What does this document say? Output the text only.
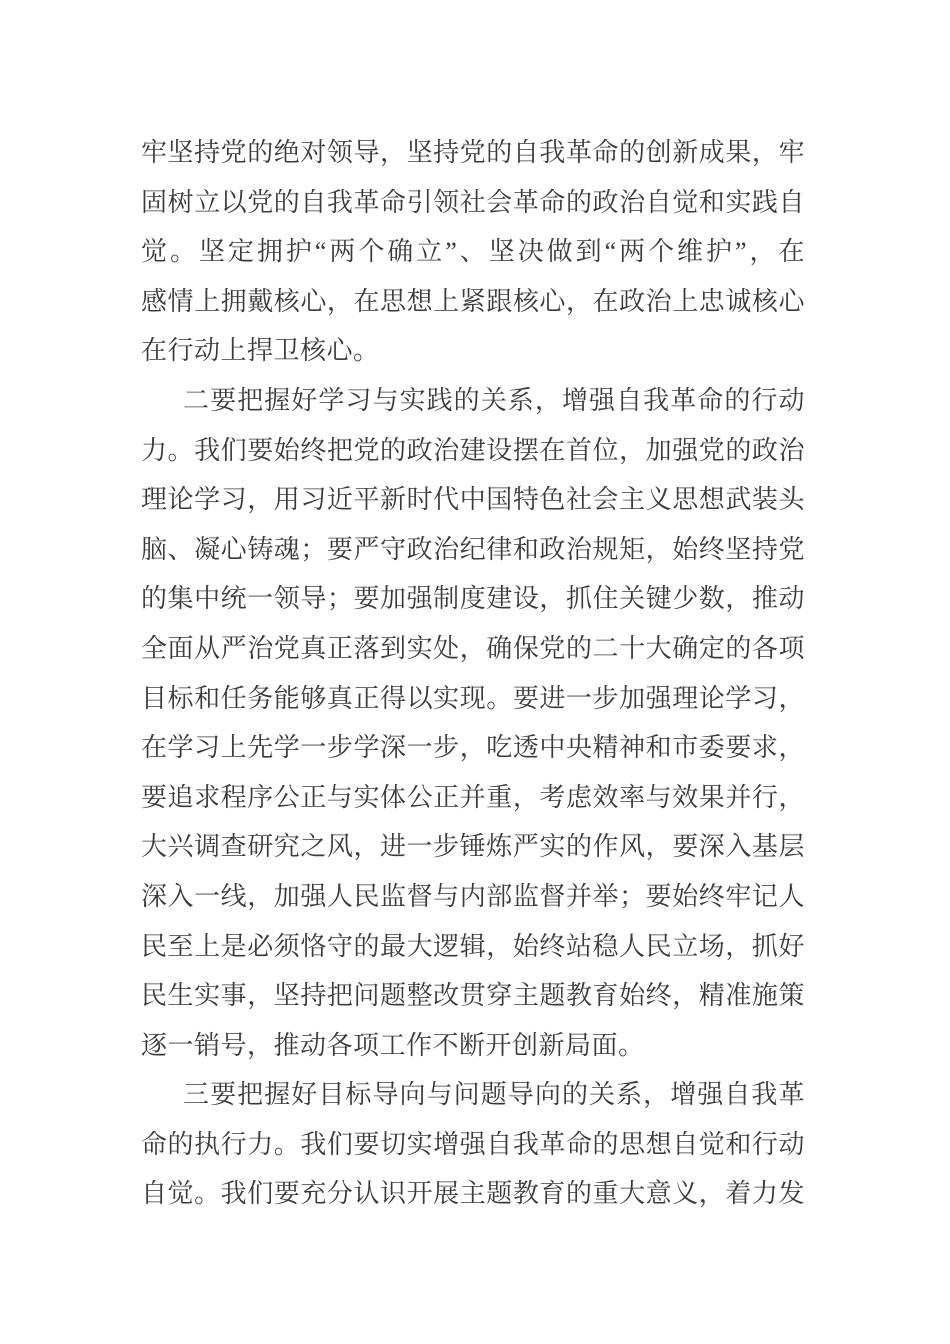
牢坚持党的绝对领导，坚持党的自我革命的创新成果，牢
固树立以党的自我革命引领社会革命的政治自觉和实践自
觉。坚定拥护“两个确立”、坚决做到“两个维护”，在
感情上拥戴核心，在思想上紧跟核心，在政治上忠诚核心
在行动上捍卫核心。
二要把握好学习与实践的关系，增强自我革命的行动
力。我们要始终把党的政治建设摆在首位，加强党的政治
理论学习，用习近平新时代中国特色社会主义思想武装头
脑、凝心铸魂；要严守政治纪律和政治规矩，始终坚持党
的集中统一领导；要加强制度建设，抓住关键少数，推动
全面从严治党真正落到实处，确保党的二十大确定的各项
目标和任务能够真正得以实现。要进一步加强理论学习，
在学习上先学一步学深一步，吃透中央精神和市委要求，
要追求程序公正与实体公正并重，考虑效率与效果并行，
大兴调查研究之风，进一步锤炼严实的作风，要深入基层
深入一线，加强人民监督与内部监督并举；要始终牢记人
民至上是必须恪守的最大逻辑，始终站稳人民立场，抓好
民生实事，坚持把问题整改贯穿主题教育始终，精准施策
逐一销号，推动各项工作不断开创新局面。
三要把握好目标导向与问题导向的关系，增强自我革
命的执行力。我们要切实增强自我革命的思想自觉和行动
自觉。我们要充分认识开展主题教育的重大意义，着力发
